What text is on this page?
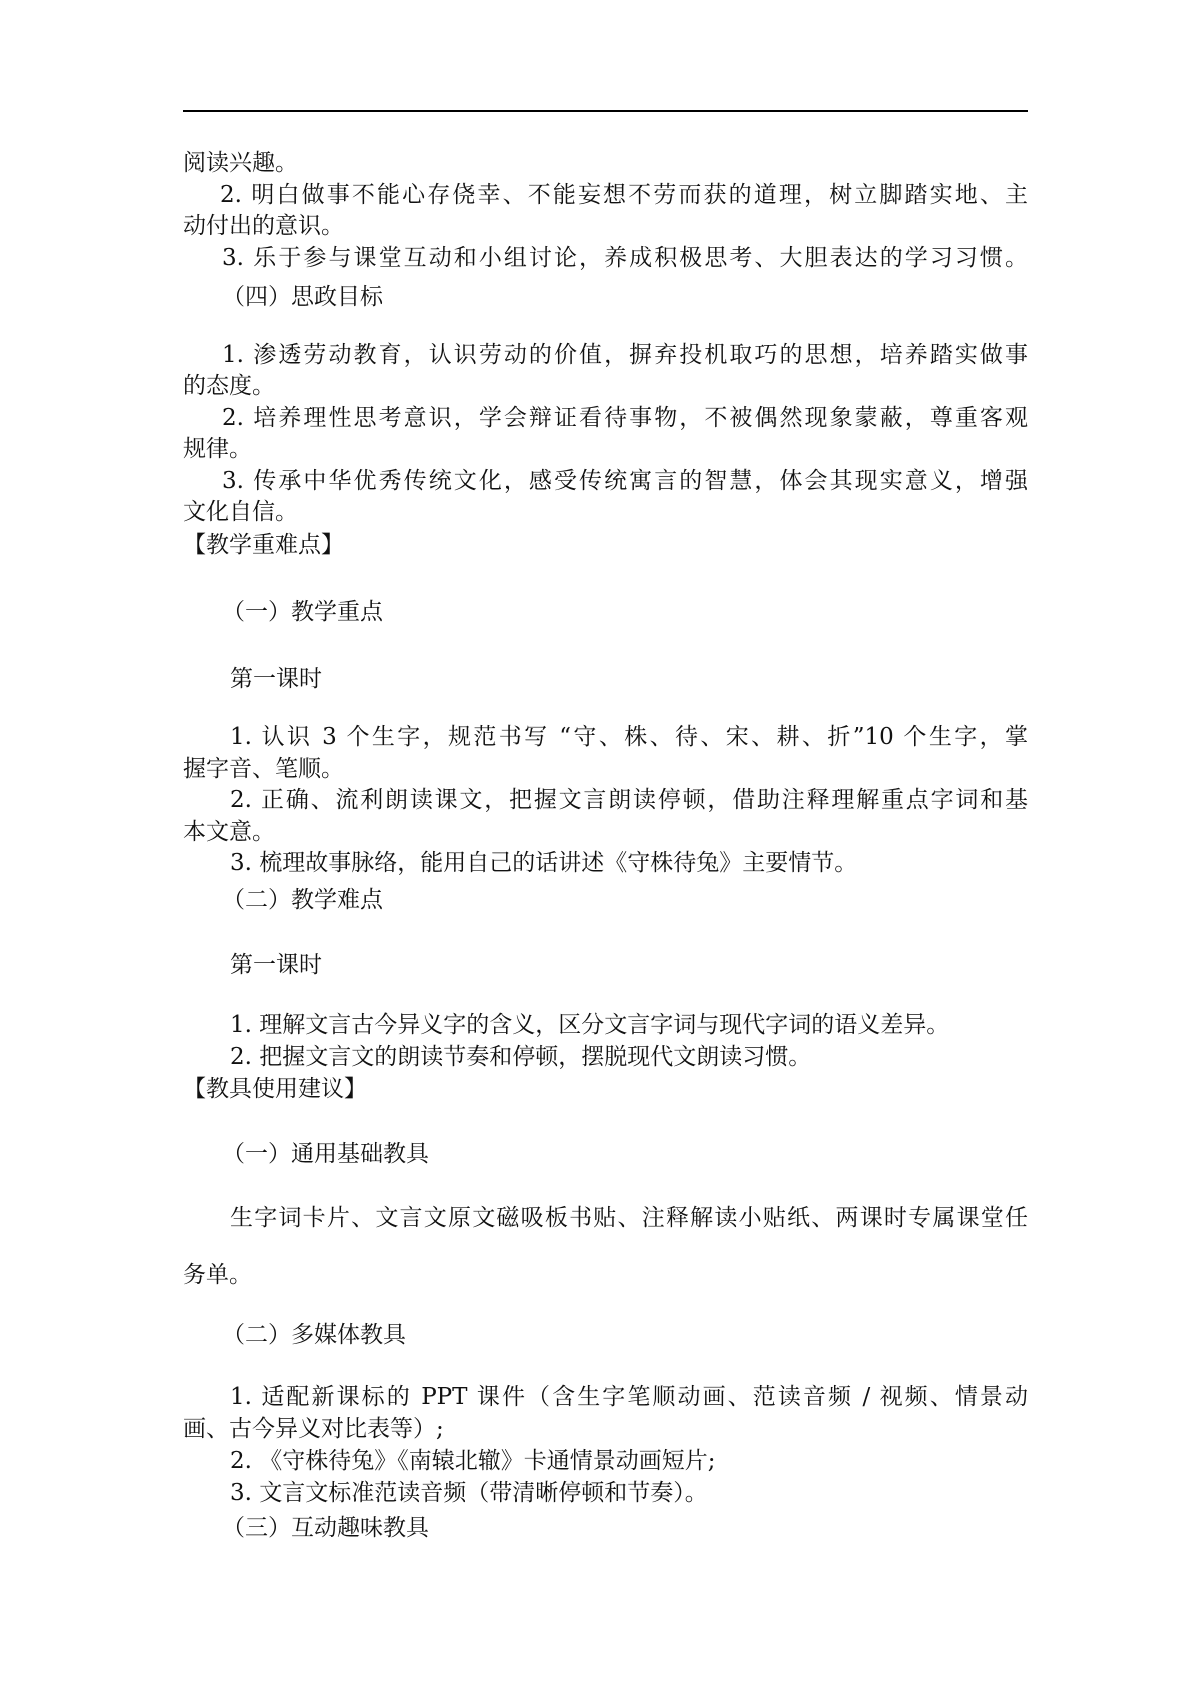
阅读兴趣。
2. 明白做事不能心存侥幸、不能妄想不劳而获的道理，树立脚踏实地、主
动付出的意识。
3. 乐于参与课堂互动和小组讨论，养成积极思考、大胆表达的学习习惯。
（四）思政目标
1. 渗透劳动教育，认识劳动的价值，摒弃投机取巧的思想，培养踏实做事
的态度。
2. 培养理性思考意识，学会辩证看待事物，不被偶然现象蒙蔽，尊重客观
规律。
3. 传承中华优秀传统文化，感受传统寓言的智慧，体会其现实意义，增强
文化自信。
【教学重难点】
（一）教学重点
第一课时
1. 认识 3 个生字，规范书写 “守、株、待、宋、耕、折”10 个生字，掌
握字音、笔顺。
2. 正确、流利朗读课文，把握文言朗读停顿，借助注释理解重点字词和基
本文意。
3. 梳理故事脉络，能用自己的话讲述《守株待兔》主要情节。
（二）教学难点
第一课时
1. 理解文言古今异义字的含义，区分文言字词与现代字词的语义差异。
2. 把握文言文的朗读节奏和停顿，摆脱现代文朗读习惯。
【教具使用建议】
（一）通用基础教具
生字词卡片、文言文原文磁吸板书贴、注释解读小贴纸、两课时专属课堂任
务单。
（二）多媒体教具
1. 适配新课标的 PPT 课件（含生字笔顺动画、范读音频 / 视频、情景动
画、古今异义对比表等）;
2. 《守株待兔》《南辕北辙》卡通情景动画短片;
3. 文言文标准范读音频（带清晰停顿和节奏）。
（三）互动趣味教具
